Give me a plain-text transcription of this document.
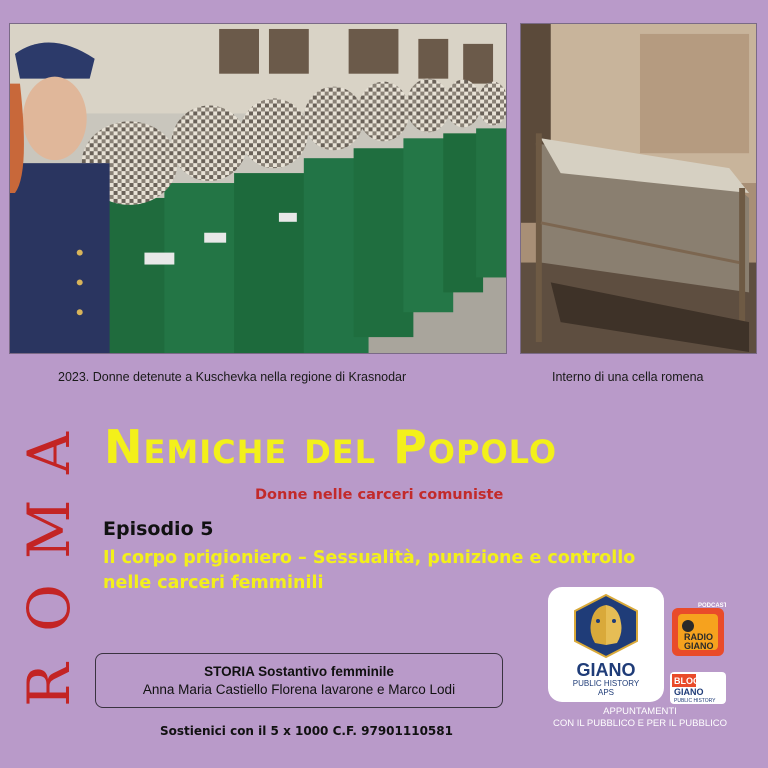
2023. Donne detenute a Kuschevka nella regione di Krasnodar	Interno di una cella romena
A
M
O
R
Nemiche del Popolo
Donne nelle carceri comuniste
Episodio 5
Il corpo prigioniero – Sessualità, punizione e controllo
nelle carceri femminili
STORIA Sostantivo femminile
Anna Maria Castiello Florena Iavarone e Marco Lodi
Sostienici con il 5 x 1000 C.F. 97901110581
GIANO
PUBLIC HISTORY
APS
PODCAST
RADIO
GIANO
BLOG
GIANO
PUBLIC HISTORY
APPUNTAMENTI
CON IL PUBBLICO E PER IL PUBBLICO
